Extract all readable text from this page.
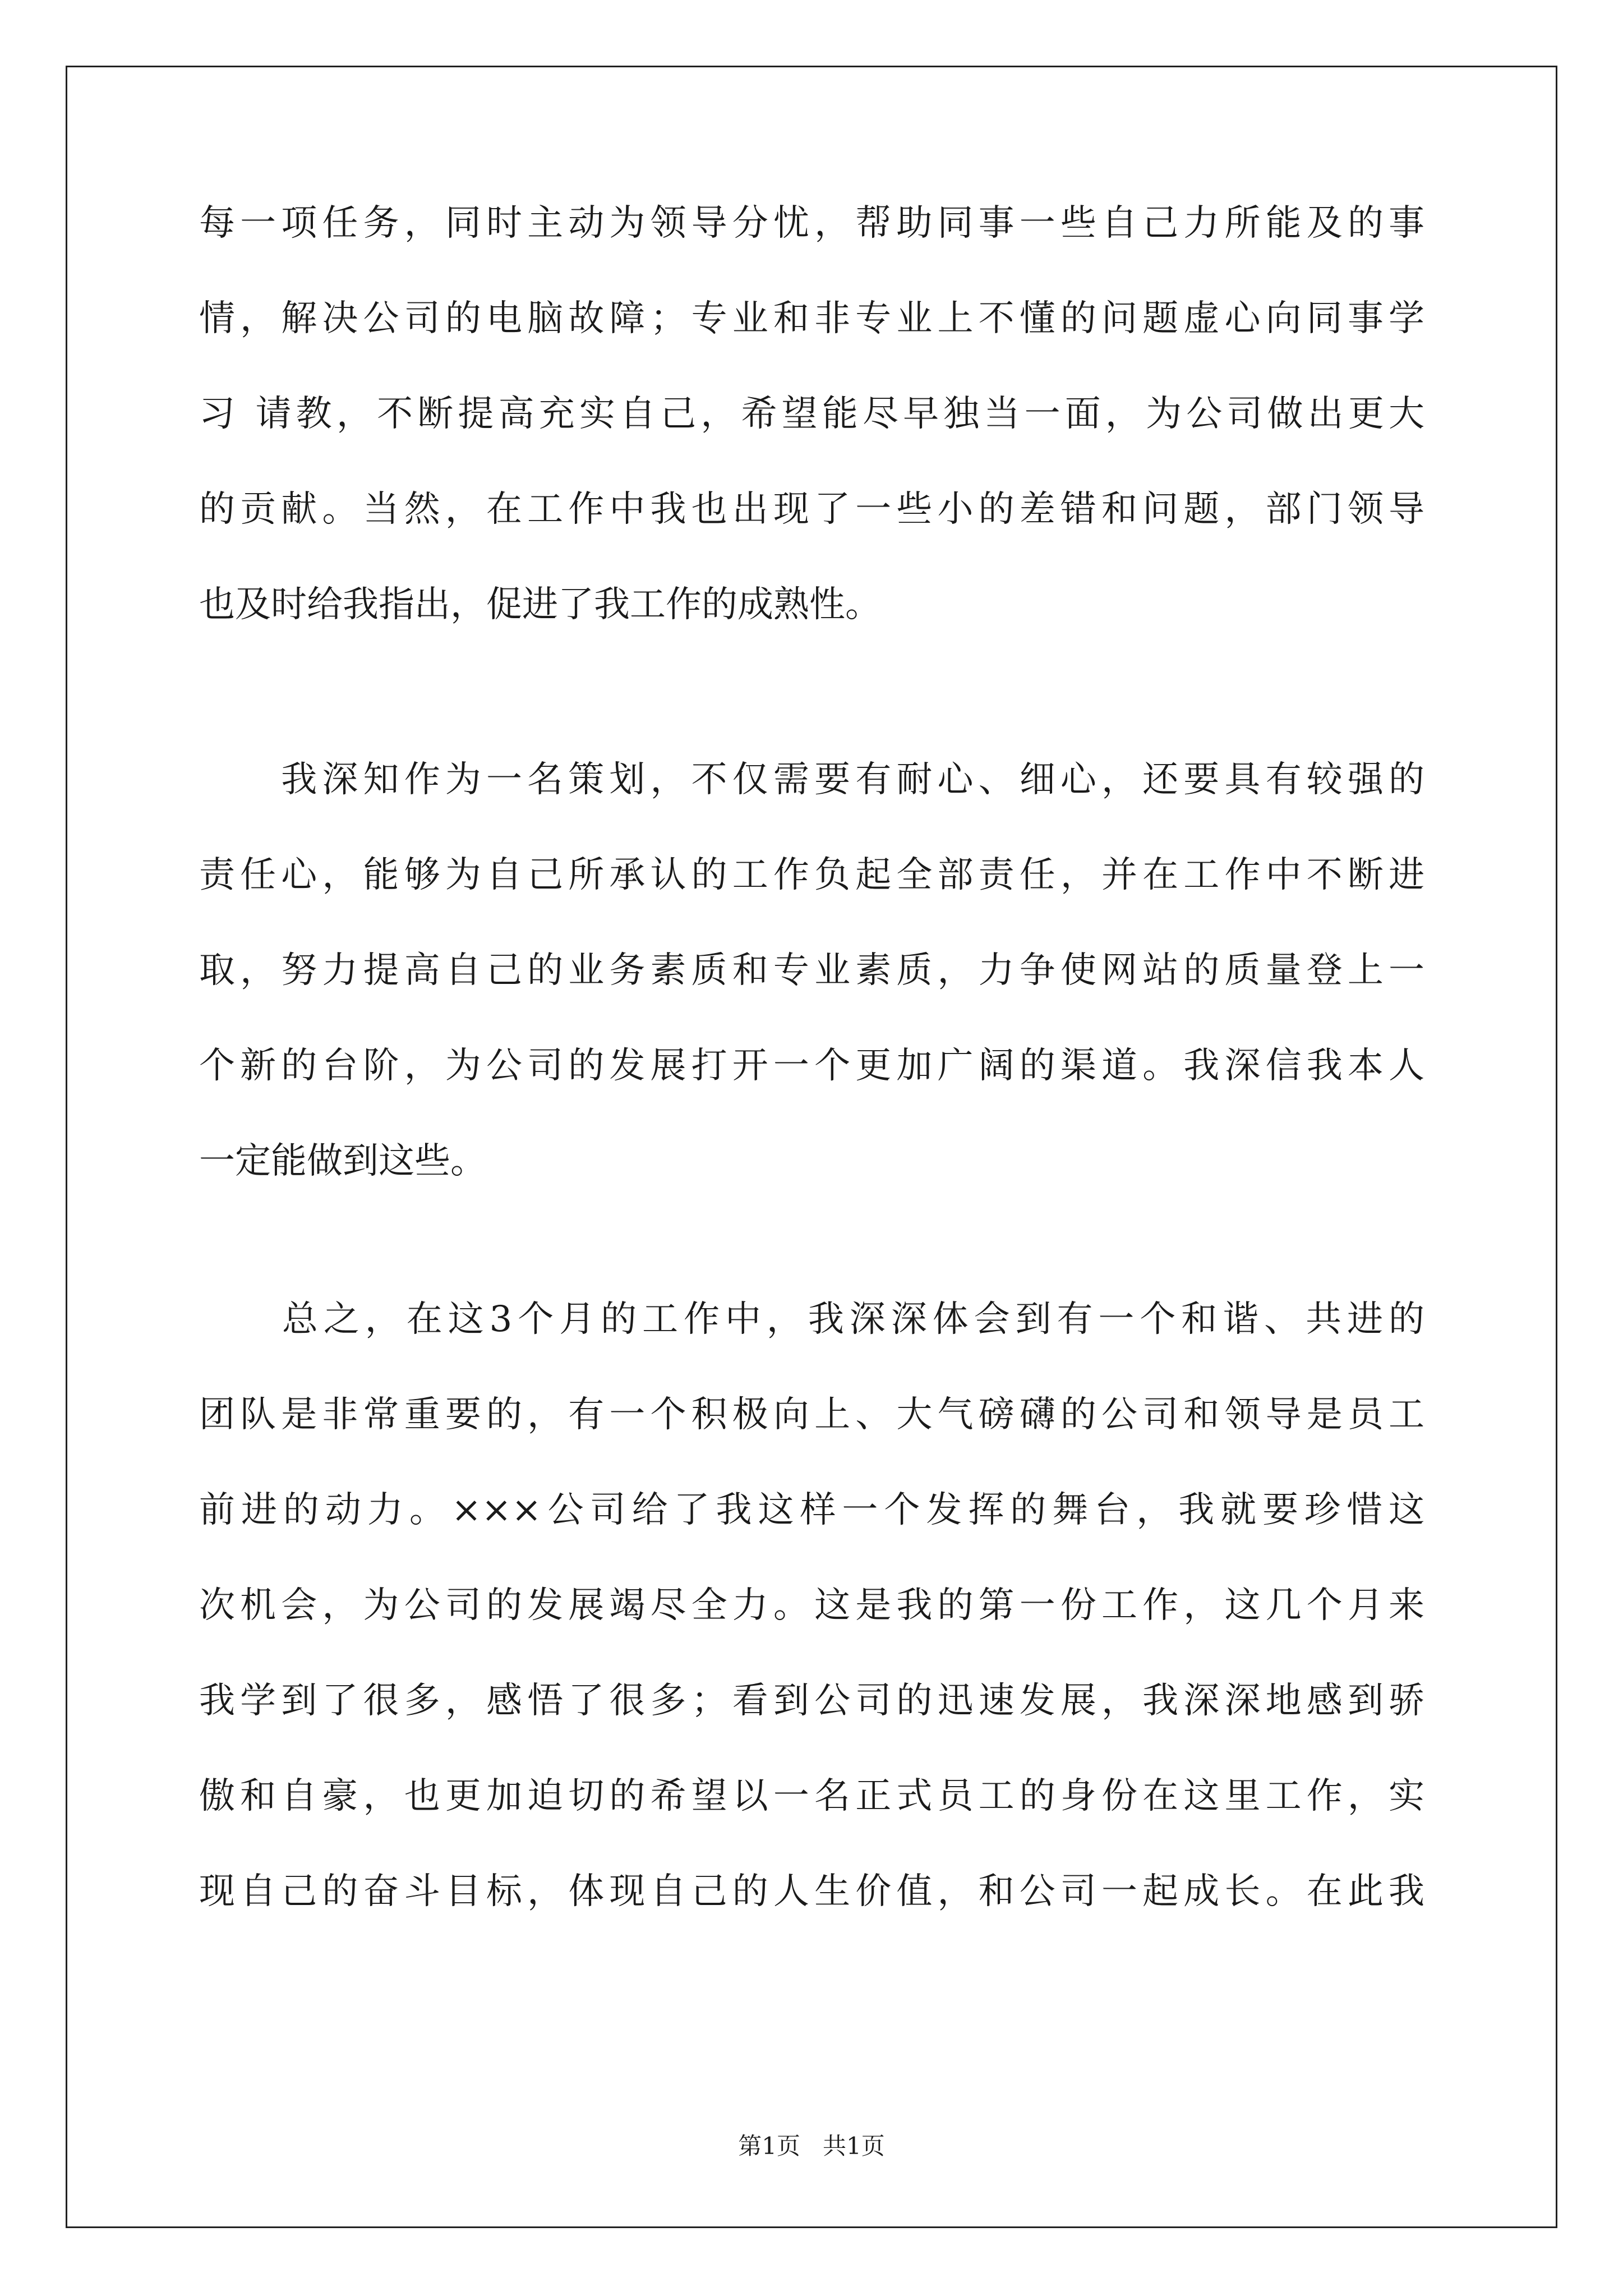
每一项任务，同时主动为领导分忧，帮助同事一些自己力所能及的事
情，解决公司的电脑故障；专业和非专业上不懂的问题虚心向同事学
习 请教，不断提高充实自己，希望能尽早独当一面，为公司做出更大
的贡献。当然，在工作中我也出现了一些小的差错和问题，部门领导
也及时给我指出，促进了我工作的成熟性。
　　我深知作为一名策划，不仅需要有耐心、细心，还要具有较强的
责任心，能够为自己所承认的工作负起全部责任，并在工作中不断进
取，努力提高自己的业务素质和专业素质，力争使网站的质量登上一
个新的台阶，为公司的发展打开一个更加广阔的渠道。我深信我本人
一定能做到这些。
　　总之，在这3个月的工作中，我深深体会到有一个和谐、共进的
团队是非常重要的，有一个积极向上、大气磅礴的公司和领导是员工
前进的动力。×××公司给了我这样一个发挥的舞台，我就要珍惜这
次机会，为公司的发展竭尽全力。这是我的第一份工作，这几个月来
我学到了很多，感悟了很多；看到公司的迅速发展，我深深地感到骄
傲和自豪，也更加迫切的希望以一名正式员工的身份在这里工作，实
现自己的奋斗目标，体现自己的人生价值，和公司一起成长。在此我
第1页   共1页
